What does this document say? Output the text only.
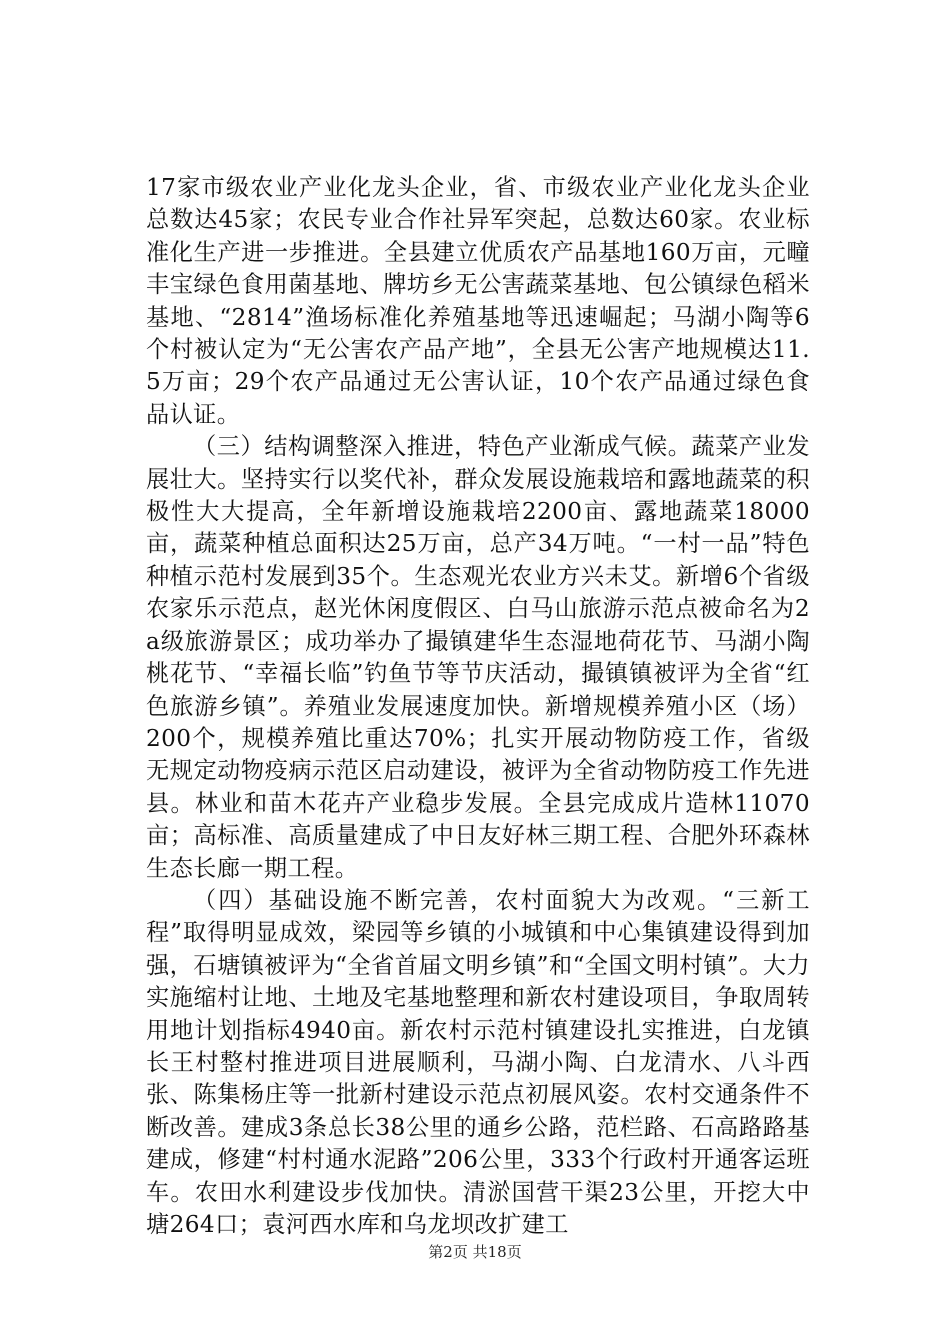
17家市级农业产业化龙头企业，省、市级农业产业化龙头企业总数达45家；农民专业合作社异军突起，总数达60家。农业标准化生产进一步推进。全县建立优质农产品基地160万亩，元疃丰宝绿色食用菌基地、牌坊乡无公害蔬菜基地、包公镇绿色稻米基地、“2814”渔场标准化养殖基地等迅速崛起；马湖小陶等6个村被认定为“无公害农产品产地”，全县无公害产地规模达11.5万亩；29个农产品通过无公害认证，10个农产品通过绿色食品认证。

（三）结构调整深入推进，特色产业渐成气候。蔬菜产业发展壮大。坚持实行以奖代补，群众发展设施栽培和露地蔬菜的积极性大大提高，全年新增设施栽培2200亩、露地蔬菜18000亩，蔬菜种植总面积达25万亩，总产34万吨。“一村一品”特色种植示范村发展到35个。生态观光农业方兴未艾。新增6个省级农家乐示范点，赵光休闲度假区、白马山旅游示范点被命名为2a级旅游景区；成功举办了撮镇建华生态湿地荷花节、马湖小陶桃花节、“幸福长临”钓鱼节等节庆活动，撮镇镇被评为全省“红色旅游乡镇”。养殖业发展速度加快。新增规模养殖小区（场）200个，规模养殖比重达70%；扎实开展动物防疫工作，省级无规定动物疫病示范区启动建设，被评为全省动物防疫工作先进县。林业和苗木花卉产业稳步发展。全县完成成片造林11070亩；高标准、高质量建成了中日友好林三期工程、合肥外环森林生态长廊一期工程。

（四）基础设施不断完善，农村面貌大为改观。“三新工程”取得明显成效，梁园等乡镇的小城镇和中心集镇建设得到加强，石塘镇被评为“全省首届文明乡镇”和“全国文明村镇”。大力实施缩村让地、土地及宅基地整理和新农村建设项目，争取周转用地计划指标4940亩。新农村示范村镇建设扎实推进，白龙镇长王村整村推进项目进展顺利，马湖小陶、白龙清水、八斗西张、陈集杨庄等一批新村建设示范点初展风姿。农村交通条件不断改善。建成3条总长38公里的通乡公路，范栏路、石高路路基建成，修建“村村通水泥路”206公里，333个行政村开通客运班车。农田水利建设步伐加快。清淤国营干渠23公里，开挖大中塘264口；袁河西水库和乌龙坝改扩建工

第2页 共18页
